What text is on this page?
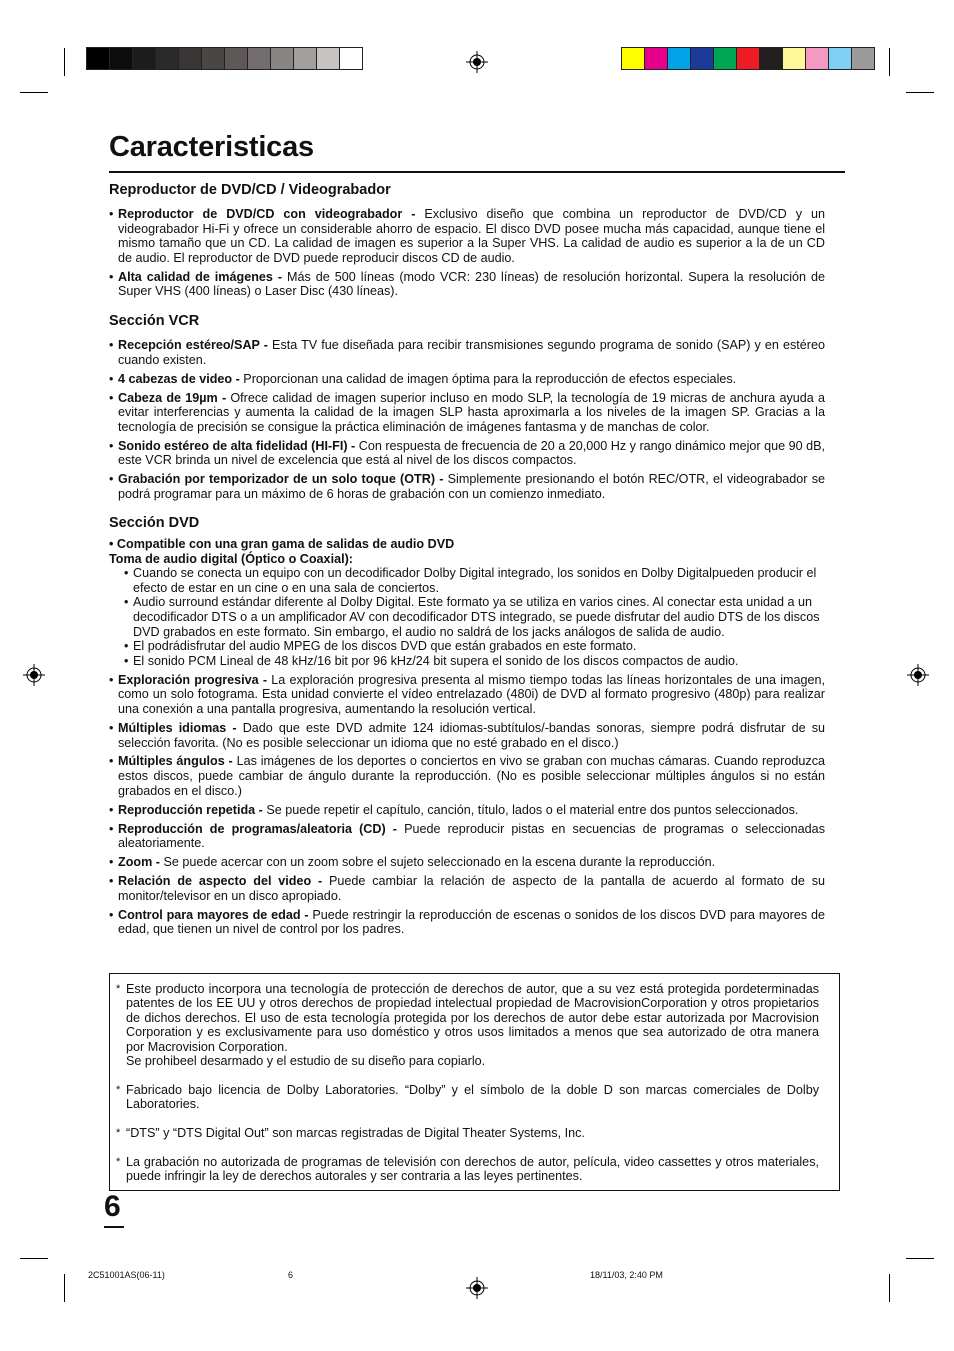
Caracteristicas
Reproductor de DVD/CD / Videograbador

• Reproductor de DVD/CD con videograbador - Exclusivo diseño que combina un reproductor de DVD/CD y un videograbador Hi-Fi y ofrece un considerable ahorro de espacio. El disco DVD posee mucha más capacidad, aunque tiene el mismo tamaño que un CD. La calidad de imagen es superior a la Super VHS. La calidad de audio es superior a la de un CD de audio. El reproductor de DVD puede reproducir discos CD de audio.

• Alta calidad de imágenes - Más de 500 líneas (modo VCR: 230 líneas) de resolución horizontal. Supera la resolución de Super VHS (400 líneas) o Laser Disc (430 líneas).

Sección VCR

• Recepción estéreo/SAP - Esta TV fue diseñada para recibir transmisiones segundo programa de sonido (SAP) y en estéreo cuando existen.

• 4 cabezas de video - Proporcionan una calidad de imagen óptima para la reproducción de efectos especiales.

• Cabeza de 19µm - Ofrece calidad de imagen superior incluso en modo SLP, la tecnología de 19 micras de anchura ayuda a evitar interferencias y aumenta la calidad de la imagen SLP hasta aproximarla a los niveles de la imagen SP. Gracias a la tecnología de precisión se consigue la práctica eliminación de imágenes fantasma y de manchas de color.

• Sonido estéreo de alta fidelidad (HI-FI) - Con respuesta de frecuencia de 20 a 20,000 Hz y rango dinámico mejor que 90 dB, este VCR brinda un nivel de excelencia que está al nivel de los discos compactos.

• Grabación por temporizador de un solo toque (OTR) - Simplemente presionando el botón REC/OTR, el videograbador se podrá programar para un máximo de 6 horas de grabación con un comienzo inmediato.

Sección DVD

• Compatible con una gran gama de salidas de audio DVD

Toma de audio digital (Óptico o Coaxial):

• Cuando se conecta un equipo con un decodificador Dolby Digital integrado, los sonidos en Dolby Digitalpueden producir el efecto de estar en un cine o en una sala de conciertos.

• Audio surround estándar diferente al Dolby Digital. Este formato ya se utiliza en varios cines. Al conectar esta unidad a un decodificador DTS o a un amplificador AV con decodificador DTS integrado, se puede disfrutar del audio DTS de los discos DVD grabados en este formato. Sin embargo, el audio no saldrá de los jacks análogos de salida de audio.

• El podrádisfrutar del audio MPEG de los discos DVD que están grabados en este formato.

• El sonido PCM Lineal de 48 kHz/16 bit por 96 kHz/24 bit supera el sonido de los discos compactos de audio.

• Exploración progresiva - La exploración progresiva presenta al mismo tiempo todas las líneas horizontales de una imagen, como un solo fotograma. Esta unidad convierte el vídeo entrelazado (480i) de DVD al formato progresivo (480p) para realizar una conexión a una pantalla progresiva, aumentando la resolución vertical.

• Múltiples idiomas - Dado que este DVD admite 124 idiomas-subtítulos/-bandas sonoras, siempre podrá disfrutar de su selección favorita. (No es posible seleccionar un idioma que no esté grabado en el disco.)

• Múltiples ángulos - Las imágenes de los deportes o conciertos en vivo se graban con muchas cámaras. Cuando reproduzca estos discos, puede cambiar de ángulo durante la reproducción. (No es posible seleccionar múltiples ángulos si no están grabados en el disco.)

• Reproducción repetida - Se puede repetir el capítulo, canción, título, lados o el material entre dos puntos seleccionados.

• Reproducción de programas/aleatoria (CD) - Puede reproducir pistas en secuencias de programas o seleccionadas aleatoriamente.

• Zoom - Se puede acercar con un zoom sobre el sujeto seleccionado en la escena durante la reproducción.

• Relación de aspecto del video - Puede cambiar la relación de aspecto de la pantalla de acuerdo al formato de su monitor/televisor en un disco apropiado.

• Control para mayores de edad - Puede restringir la reproducción de escenas o sonidos de los discos DVD para mayores de edad, que tienen un nivel de control por los padres.

* Este producto incorpora una tecnología de protección de derechos de autor, que a su vez está protegida pordeterminadas patentes de los EE UU y otros derechos de propiedad intelectual propiedad de MacrovisionCorporation y otros propietarios de dichos derechos. El uso de esta tecnología protegida por los derechos de autor debe estar autorizada por Macrovision Corporation y es exclusivamente para uso doméstico y otros usos limitados a menos que sea autorizado de otra manera por Macrovision Corporation.
Se prohibeel desarmado y el estudio de su diseño para copiarlo.
* Fabricado bajo licencia de Dolby Laboratories. “Dolby” y el símbolo de la doble D son marcas comerciales de Dolby Laboratories.
* “DTS” y “DTS Digital Out” son marcas registradas de Digital Theater Systems, Inc.
* La grabación no autorizada de programas de televisión con derechos de autor, película, video cassettes y otros materiales, puede infringir la ley de derechos autorales y ser contraria a las leyes pertinentes.

6

2C51001AS(06-11)	6	18/11/03, 2:40 PM
